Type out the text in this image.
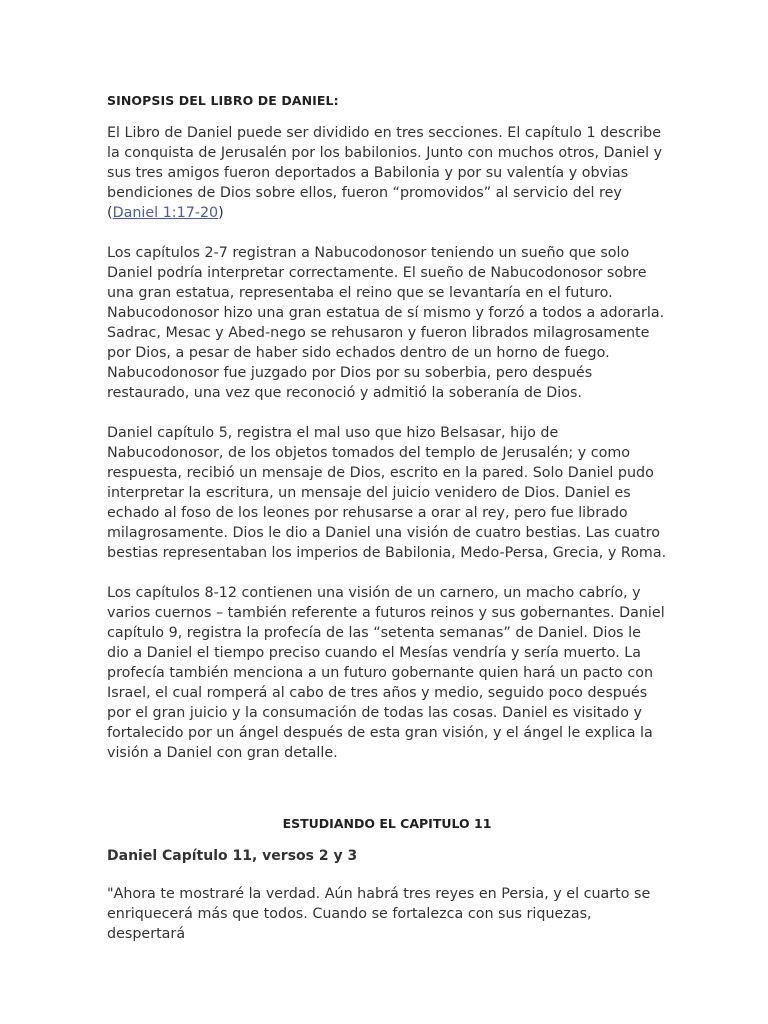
SINOPSIS DEL LIBRO DE DANIEL:

El Libro de Daniel puede ser dividido en tres secciones. El capítulo 1 describe la conquista de Jerusalén por los babilonios. Junto con muchos otros, Daniel y sus tres amigos fueron deportados a Babilonia y por su valentía y obvias bendiciones de Dios sobre ellos, fueron “promovidos” al servicio del rey (Daniel 1:17-20)

Los capítulos 2-7 registran a Nabucodonosor teniendo un sueño que solo Daniel podría interpretar correctamente. El sueño de Nabucodonosor sobre una gran estatua, representaba el reino que se levantaría en el futuro. Nabucodonosor hizo una gran estatua de sí mismo y forzó a todos a adorarla. Sadrac, Mesac y Abed-nego se rehusaron y fueron librados milagrosamente por Dios, a pesar de haber sido echados dentro de un horno de fuego. Nabucodonosor fue juzgado por Dios por su soberbia, pero después restaurado, una vez que reconoció y admitió la soberanía de Dios.

Daniel capítulo 5, registra el mal uso que hizo Belsasar, hijo de Nabucodonosor, de los objetos tomados del templo de Jerusalén; y como respuesta, recibió un mensaje de Dios, escrito en la pared. Solo Daniel pudo interpretar la escritura, un mensaje del juicio venidero de Dios. Daniel es echado al foso de los leones por rehusarse a orar al rey, pero fue librado milagrosamente. Dios le dio a Daniel una visión de cuatro bestias. Las cuatro bestias representaban los imperios de Babilonia, Medo-Persa, Grecia, y Roma.

Los capítulos 8-12 contienen una visión de un carnero, un macho cabrío, y varios cuernos – también referente a futuros reinos y sus gobernantes. Daniel capítulo 9, registra la profecía de las “setenta semanas” de Daniel. Dios le dio a Daniel el tiempo preciso cuando el Mesías vendría y sería muerto. La profecía también menciona a un futuro gobernante quien hará un pacto con Israel, el cual romperá al cabo de tres años y medio, seguido poco después por el gran juicio y la consumación de todas las cosas. Daniel es visitado y fortalecido por un ángel después de esta gran visión, y el ángel le explica la visión a Daniel con gran detalle.

ESTUDIANDO EL CAPITULO 11
Daniel Capítulo 11, versos 2 y 3

"Ahora te mostraré la verdad. Aún habrá tres reyes en Persia, y el cuarto se enriquecerá más que todos. Cuando se fortalezca con sus riquezas, despertará
